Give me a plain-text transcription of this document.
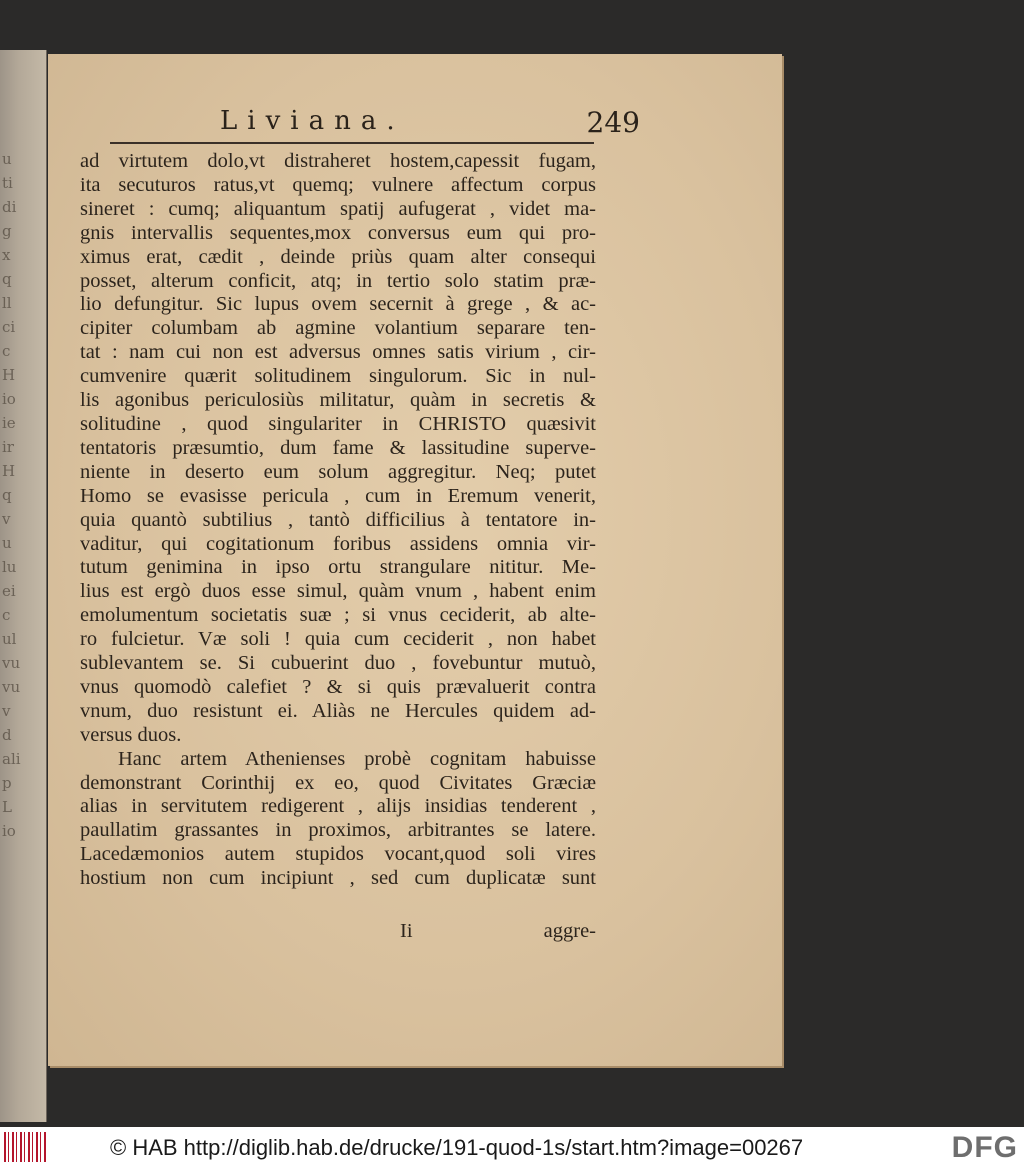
u
ti
di
g
x
q
ll
ci
c
H
io
ie
ir
H
q
v
u
lu
ei
c
ul
vu
vu
v
d
ali
p
L
io
Liviana.	249
ad virtutem dolo,vt distraheret hostem,capessit fugam,
ita secuturos ratus,vt quemq; vulnere affectum corpus
sineret : cumq; aliquantum spatij aufugerat , videt ma-
gnis intervallis sequentes,mox conversus eum qui pro-
ximus erat, cædit , deinde priùs quam alter consequi
posset, alterum conficit, atq; in tertio solo statim præ-
lio defungitur. Sic lupus ovem secernit à grege , & ac-
cipiter columbam ab agmine volantium separare ten-
tat : nam cui non est adversus omnes satis virium , cir-
cumvenire quærit solitudinem singulorum. Sic in nul-
lis agonibus periculosiùs militatur, quàm in secretis &
solitudine , quod singulariter in CHRISTO quæsivit
tentatoris præsumtio, dum fame & lassitudine superve-
niente in deserto eum solum aggregitur. Neq; putet
Homo se evasisse pericula , cum in Eremum venerit,
quia quantò subtilius , tantò difficilius à tentatore in-
vaditur, qui cogitationum foribus assidens omnia vir-
tutum genimina in ipso ortu strangulare nititur. Me-
lius est ergò duos esse simul, quàm vnum , habent enim
emolumentum societatis suæ ; si vnus ceciderit, ab alte-
ro fulcietur. Væ soli ! quia cum ceciderit , non habet
sublevantem se. Si cubuerint duo , fovebuntur mutuò,
vnus quomodò calefiet ? & si quis prævaluerit contra
vnum, duo resistunt ei. Aliàs ne Hercules quidem ad-
versus duos.
Hanc artem Athenienses probè cognitam habuisse
demonstrant Corinthij ex eo, quod Civitates Græciæ
alias in servitutem redigerent , alijs insidias tenderent ,
paullatim grassantes in proximos, arbitrantes se latere.
Lacedæmonios autem stupidos vocant,quod soli vires
hostium non cum incipiunt , sed cum duplicatæ sunt
Ii	aggre-
© HAB http://diglib.hab.de/drucke/191-quod-1s/start.htm?image=00267	DFG
